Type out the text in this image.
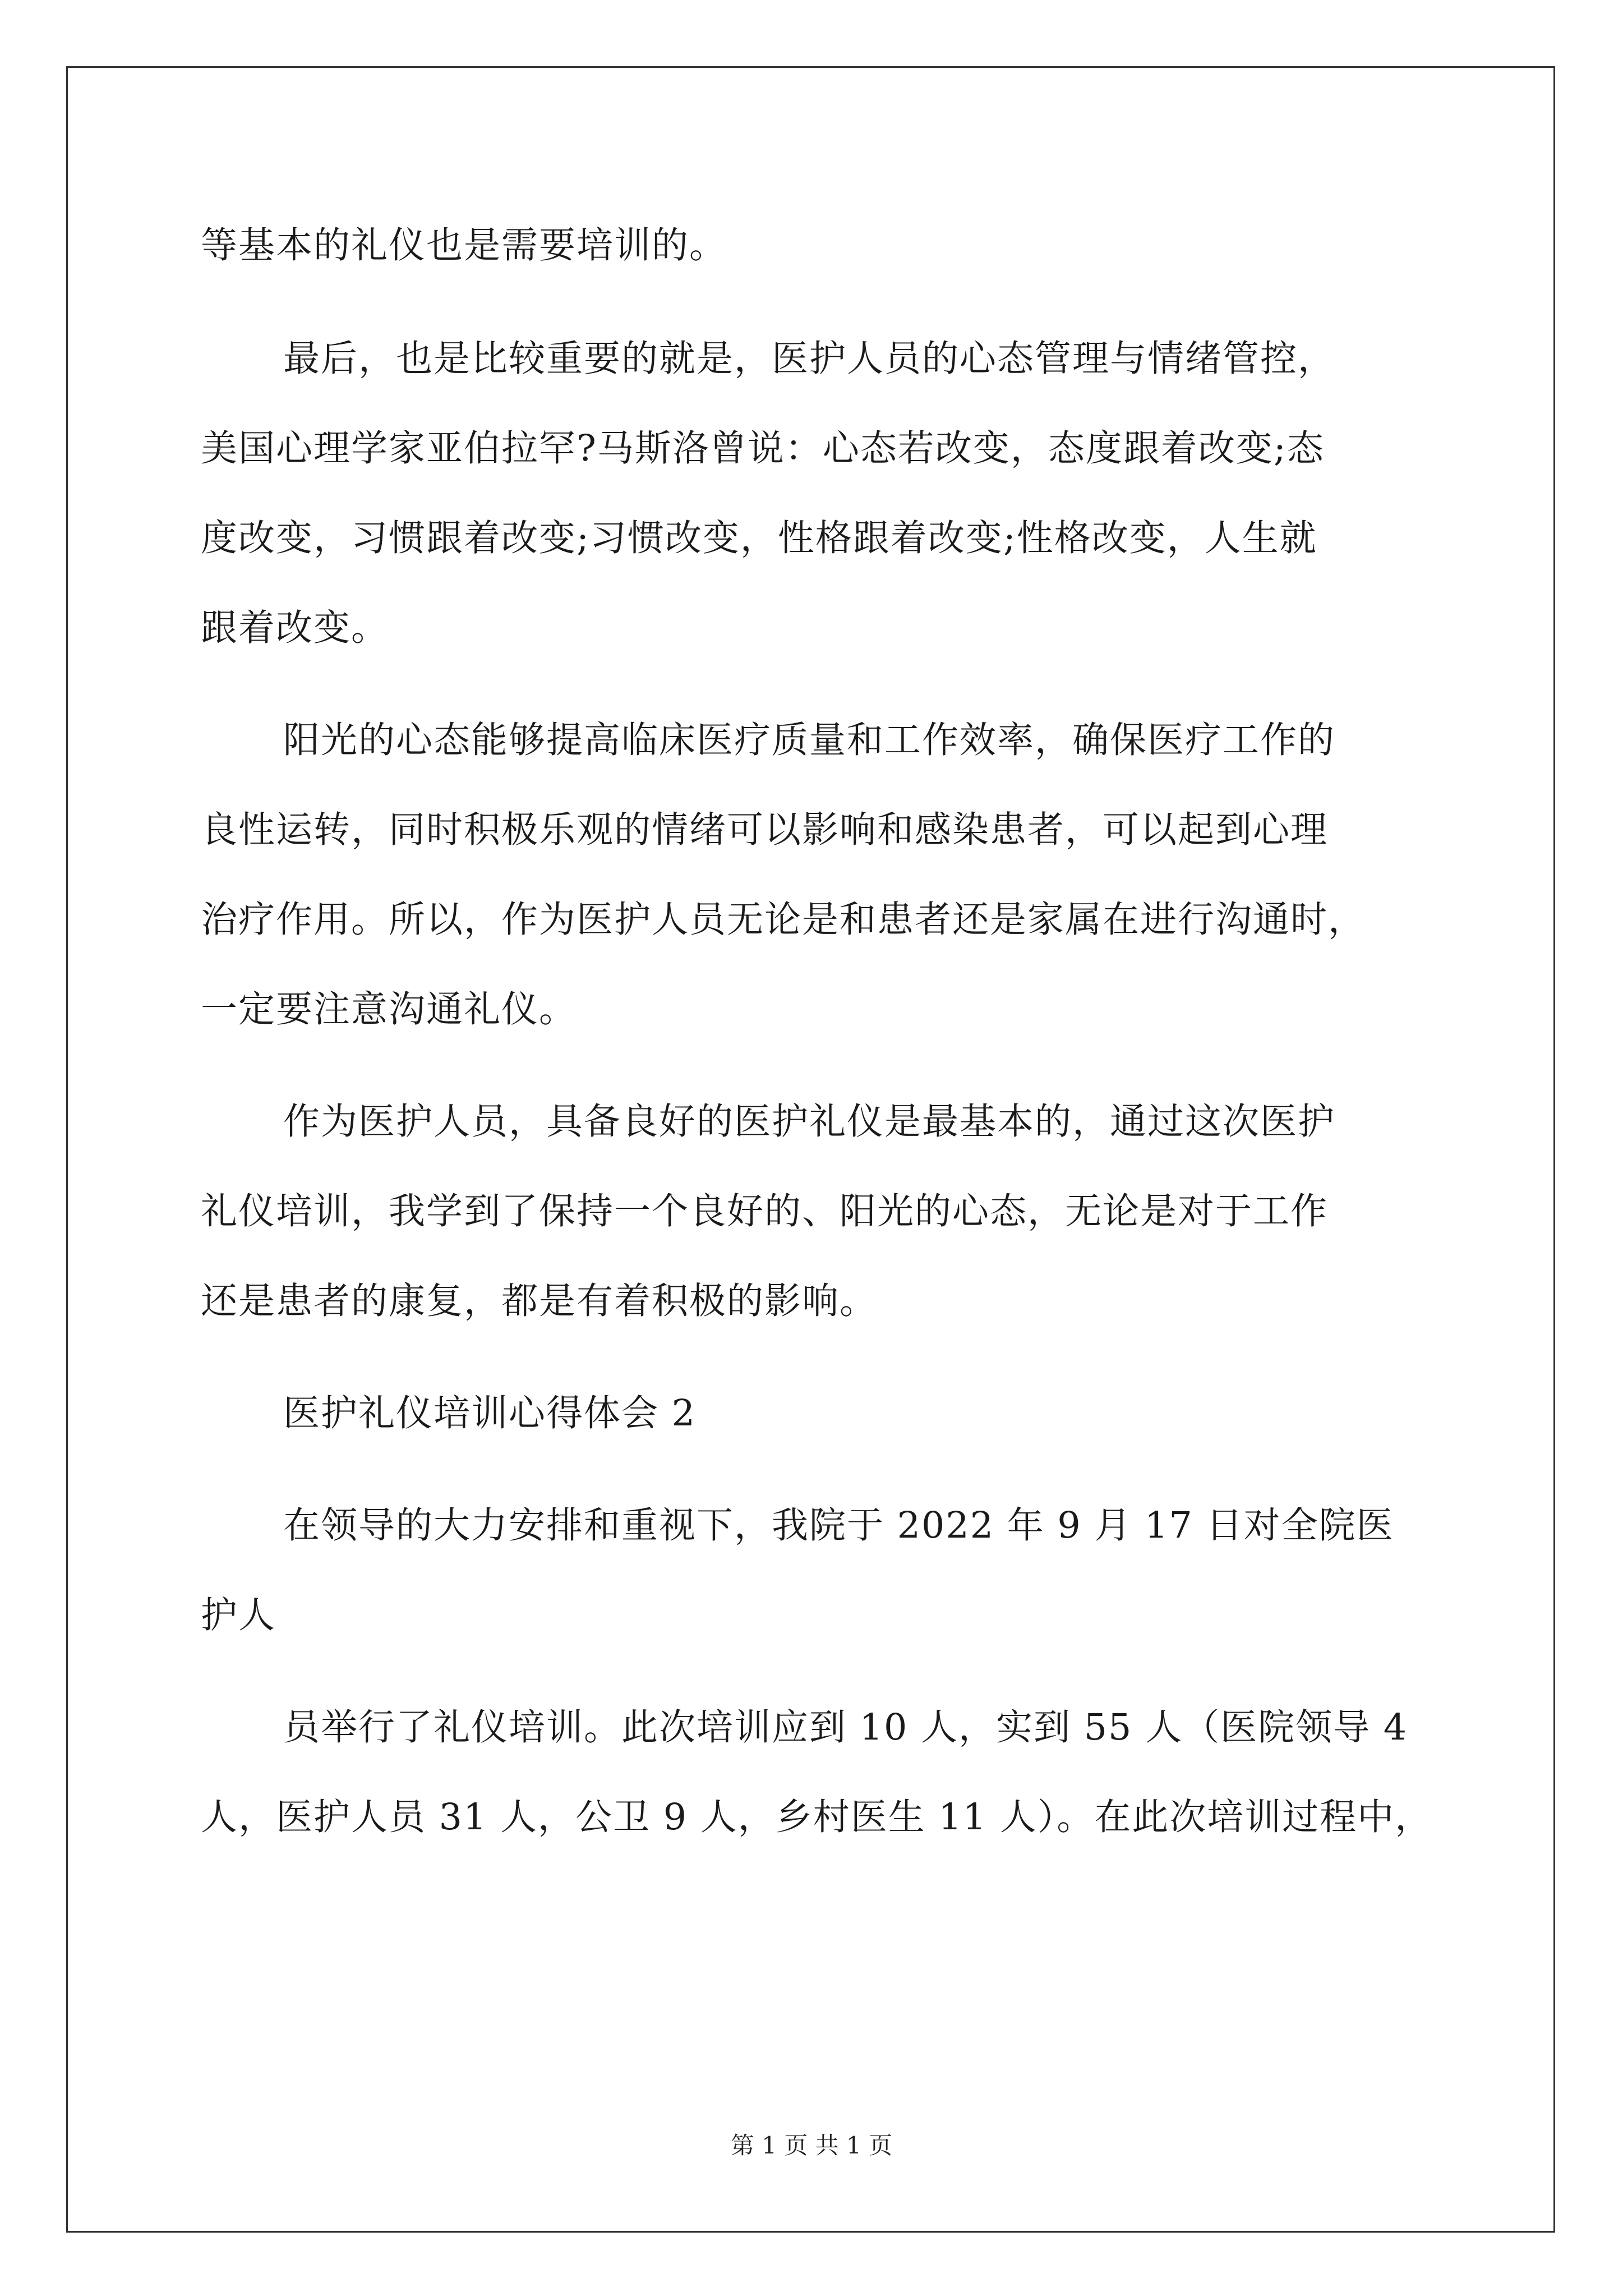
等基本的礼仪也是需要培训的。
最后，也是比较重要的就是，医护人员的心态管理与情绪管控，
美国心理学家亚伯拉罕?马斯洛曾说：心态若改变，态度跟着改变;态
度改变，习惯跟着改变;习惯改变，性格跟着改变;性格改变，人生就
跟着改变。
阳光的心态能够提高临床医疗质量和工作效率，确保医疗工作的
良性运转，同时积极乐观的情绪可以影响和感染患者，可以起到心理
治疗作用。所以，作为医护人员无论是和患者还是家属在进行沟通时，
一定要注意沟通礼仪。
作为医护人员，具备良好的医护礼仪是最基本的，通过这次医护
礼仪培训，我学到了保持一个良好的、阳光的心态，无论是对于工作
还是患者的康复，都是有着积极的影响。
医护礼仪培训心得体会 2
在领导的大力安排和重视下，我院于 2022 年 9 月 17 日对全院医
护人
员举行了礼仪培训。此次培训应到 10 人，实到 55 人（医院领导 4
人，医护人员 31 人，公卫 9 人，乡村医生 11 人）。在此次培训过程中，
第 1 页 共 1 页
